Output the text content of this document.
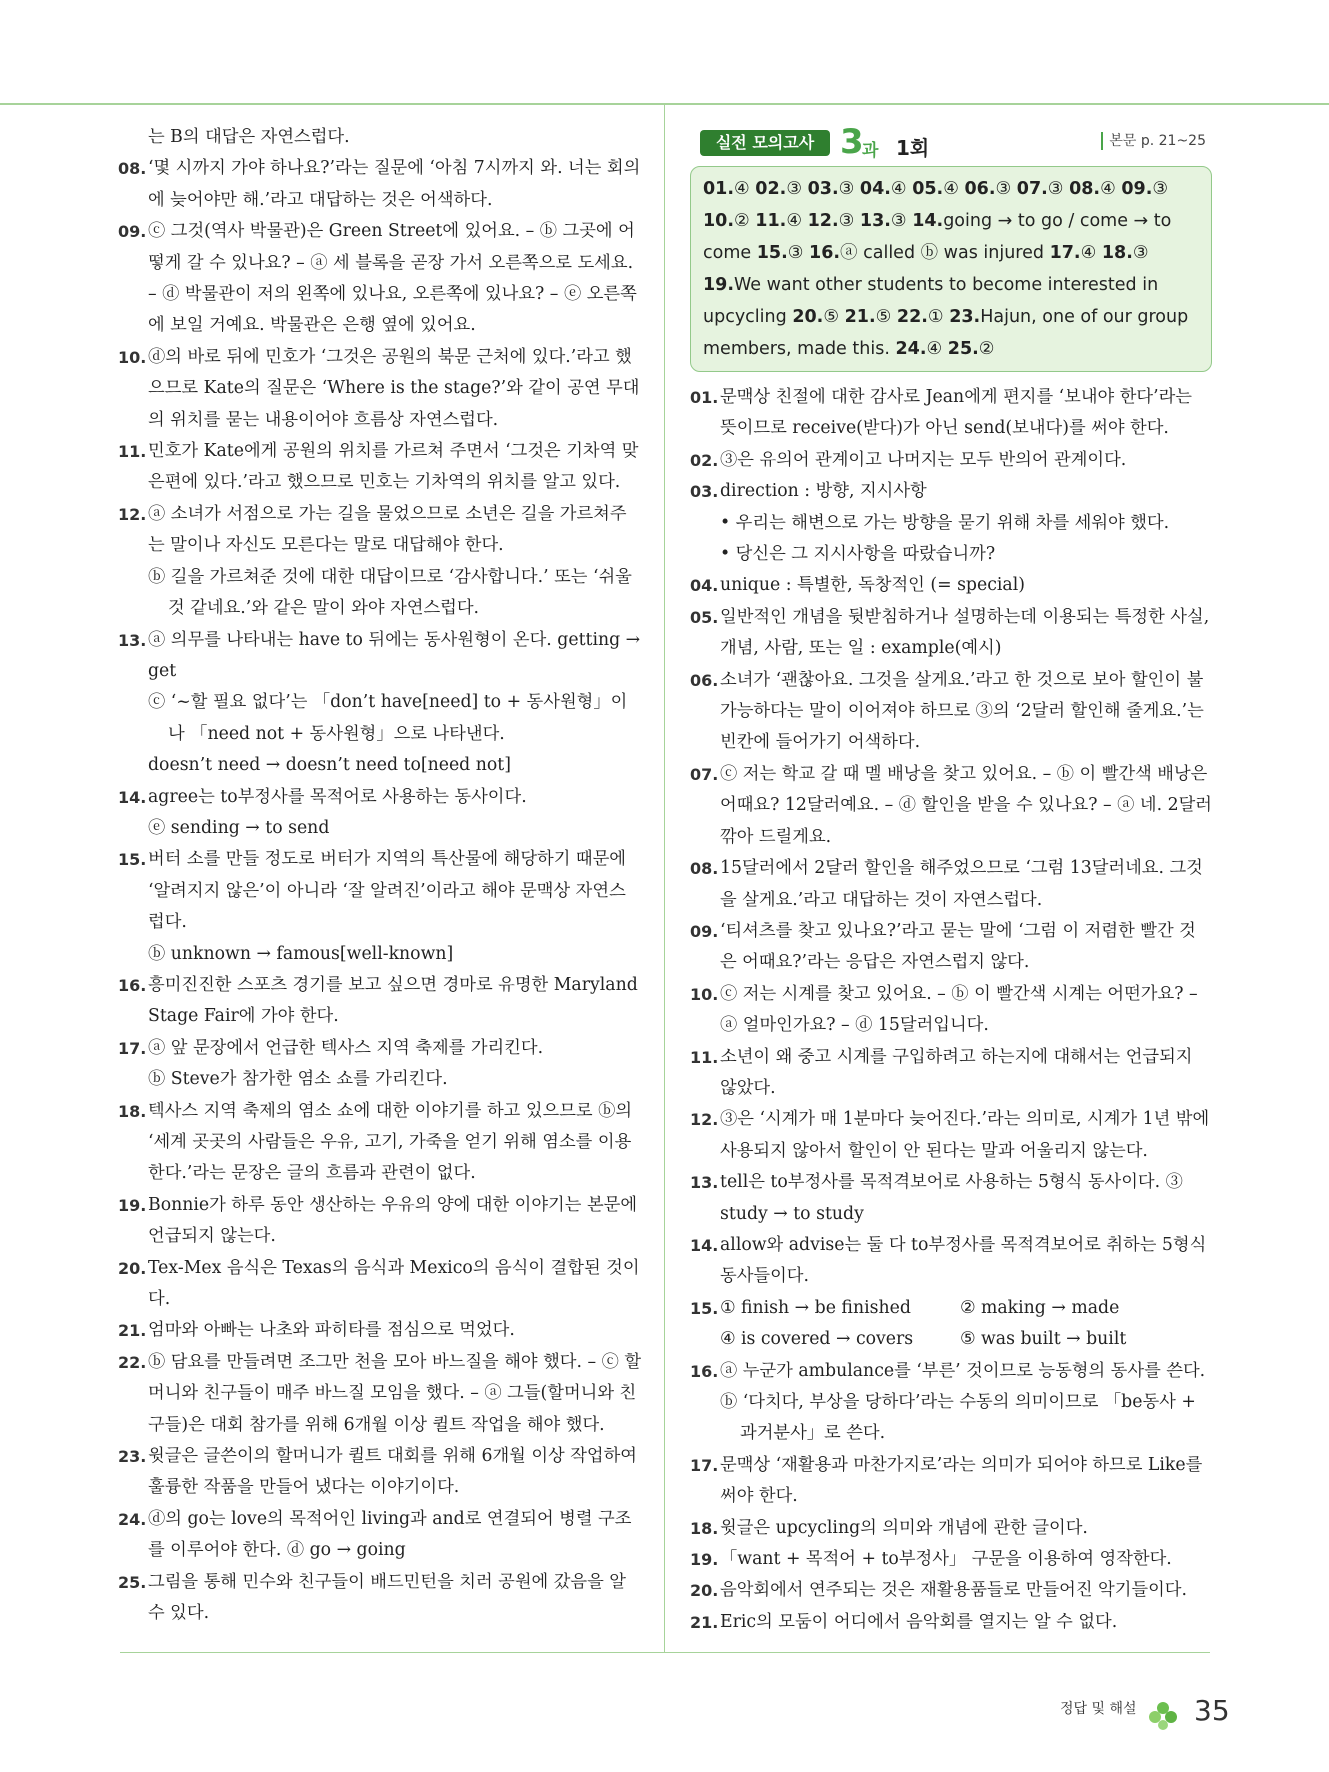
는 B의 대답은 자연스럽다.
08. ‘몇 시까지 가야 하나요?’라는 질문에 ‘아침 7시까지 와. 너는 회의에 늦어야만 해.’라고 대답하는 것은 어색하다.
09. ⓒ 그것(역사 박물관)은 Green Street에 있어요. – ⓑ 그곳에 어떻게 갈 수 있나요? – ⓐ 세 블록을 곧장 가서 오른쪽으로 도세요. – ⓓ 박물관이 저의 왼쪽에 있나요, 오른쪽에 있나요? – ⓔ 오른쪽에 보일 거예요. 박물관은 은행 옆에 있어요.
10. ⓓ의 바로 뒤에 민호가 ‘그것은 공원의 북문 근처에 있다.’라고 했으므로 Kate의 질문은 ‘Where is the stage?’와 같이 공연 무대의 위치를 묻는 내용이어야 흐름상 자연스럽다.
11. 민호가 Kate에게 공원의 위치를 가르쳐 주면서 ‘그것은 기차역 맞은편에 있다.’라고 했으므로 민호는 기차역의 위치를 알고 있다.
12. ⓐ 소녀가 서점으로 가는 길을 물었으므로 소년은 길을 가르쳐주는 말이나 자신도 모른다는 말로 대답해야 한다.
ⓑ 길을 가르쳐준 것에 대한 대답이므로 ‘감사합니다.’ 또는 ‘쉬울 것 같네요.’와 같은 말이 와야 자연스럽다.
13. ⓐ 의무를 나타내는 have to 뒤에는 동사원형이 온다. getting → get
ⓒ ‘~할 필요 없다’는 「don’t have[need] to + 동사원형」이나 「need not + 동사원형」으로 나타낸다.
doesn’t need → doesn’t need to[need not]
14. agree는 to부정사를 목적어로 사용하는 동사이다.
ⓔ sending → to send
15. 버터 소를 만들 정도로 버터가 지역의 특산물에 해당하기 때문에 ‘알려지지 않은’이 아니라 ‘잘 알려진’이라고 해야 문맥상 자연스럽다.
ⓑ unknown → famous[well-known]
16. 흥미진진한 스포츠 경기를 보고 싶으면 경마로 유명한 Maryland Stage Fair에 가야 한다.
17. ⓐ 앞 문장에서 언급한 텍사스 지역 축제를 가리킨다.
ⓑ Steve가 참가한 염소 쇼를 가리킨다.
18. 텍사스 지역 축제의 염소 쇼에 대한 이야기를 하고 있으므로 ⓑ의 ‘세계 곳곳의 사람들은 우유, 고기, 가죽을 얻기 위해 염소를 이용한다.’라는 문장은 글의 흐름과 관련이 없다.
19. Bonnie가 하루 동안 생산하는 우유의 양에 대한 이야기는 본문에 언급되지 않는다.
20. Tex-Mex 음식은 Texas의 음식과 Mexico의 음식이 결합된 것이다.
21. 엄마와 아빠는 나초와 파히타를 점심으로 먹었다.
22. ⓑ 담요를 만들려면 조그만 천을 모아 바느질을 해야 했다. – ⓒ 할머니와 친구들이 매주 바느질 모임을 했다. – ⓐ 그들(할머니와 친구들)은 대회 참가를 위해 6개월 이상 퀼트 작업을 해야 했다.
23. 윗글은 글쓴이의 할머니가 퀼트 대회를 위해 6개월 이상 작업하여 훌륭한 작품을 만들어 냈다는 이야기이다.
24. ⓓ의 go는 love의 목적어인 living과 and로 연결되어 병렬 구조를 이루어야 한다. ⓓ go → going
25. 그림을 통해 민수와 친구들이 배드민턴을 치러 공원에 갔음을 알 수 있다.
실전 모의고사 3
과 1회	본문 p. 21~25
01.④ 02.③ 03.③ 04.④ 05.④ 06.③ 07.③ 08.④ 09.③ 10.② 11.④ 12.③ 13.③ 14.going → to go / come → to come 15.③ 16.ⓐ called ⓑ was injured 17.④ 18.③ 19.We want other students to become interested in upcycling 20.⑤ 21.⑤ 22.① 23.Hajun, one of our group members, made this. 24.④ 25.②
01. 문맥상 친절에 대한 감사로 Jean에게 편지를 ‘보내야 한다’라는 뜻이므로 receive(받다)가 아닌 send(보내다)를 써야 한다.
02. ③은 유의어 관계이고 나머지는 모두 반의어 관계이다.
03. direction : 방향, 지시사항
• 우리는 해변으로 가는 방향을 묻기 위해 차를 세워야 했다.
• 당신은 그 지시사항을 따랐습니까?
04. unique : 특별한, 독창적인 (= special)
05. 일반적인 개념을 뒷받침하거나 설명하는데 이용되는 특정한 사실, 개념, 사람, 또는 일 : example(예시)
06. 소녀가 ‘괜찮아요. 그것을 살게요.’라고 한 것으로 보아 할인이 불가능하다는 말이 이어져야 하므로 ③의 ‘2달러 할인해 줄게요.’는 빈칸에 들어가기 어색하다.
07. ⓒ 저는 학교 갈 때 멜 배낭을 찾고 있어요. – ⓑ 이 빨간색 배낭은 어때요? 12달러예요. – ⓓ 할인을 받을 수 있나요? – ⓐ 네. 2달러 깎아 드릴게요.
08. 15달러에서 2달러 할인을 해주었으므로 ‘그럼 13달러네요. 그것을 살게요.’라고 대답하는 것이 자연스럽다.
09. ‘티셔츠를 찾고 있나요?’라고 묻는 말에 ‘그럼 이 저렴한 빨간 것은 어때요?’라는 응답은 자연스럽지 않다.
10. ⓒ 저는 시계를 찾고 있어요. – ⓑ 이 빨간색 시계는 어떤가요? – ⓐ 얼마인가요? – ⓓ 15달러입니다.
11. 소년이 왜 중고 시계를 구입하려고 하는지에 대해서는 언급되지 않았다.
12. ③은 ‘시계가 매 1분마다 늦어진다.’라는 의미로, 시계가 1년 밖에 사용되지 않아서 할인이 안 된다는 말과 어울리지 않는다.
13. tell은 to부정사를 목적격보어로 사용하는 5형식 동사이다. ③ study → to study
14. allow와 advise는 둘 다 to부정사를 목적격보어로 취하는 5형식 동사들이다.
15. ① finish → be finished	② making → made
④ is covered → covers	⑤ was built → built
16. ⓐ 누군가 ambulance를 ‘부른’ 것이므로 능동형의 동사를 쓴다.
ⓑ ‘다치다, 부상을 당하다’라는 수동의 의미이므로 「be동사 + 과거분사」로 쓴다.
17. 문맥상 ‘재활용과 마찬가지로’라는 의미가 되어야 하므로 Like를 써야 한다.
18. 윗글은 upcycling의 의미와 개념에 관한 글이다.
19. 「want + 목적어 + to부정사」 구문을 이용하여 영작한다.
20. 음악회에서 연주되는 것은 재활용품들로 만들어진 악기들이다.
21. Eric의 모둠이 어디에서 음악회를 열지는 알 수 없다.
정답 및 해설 35
